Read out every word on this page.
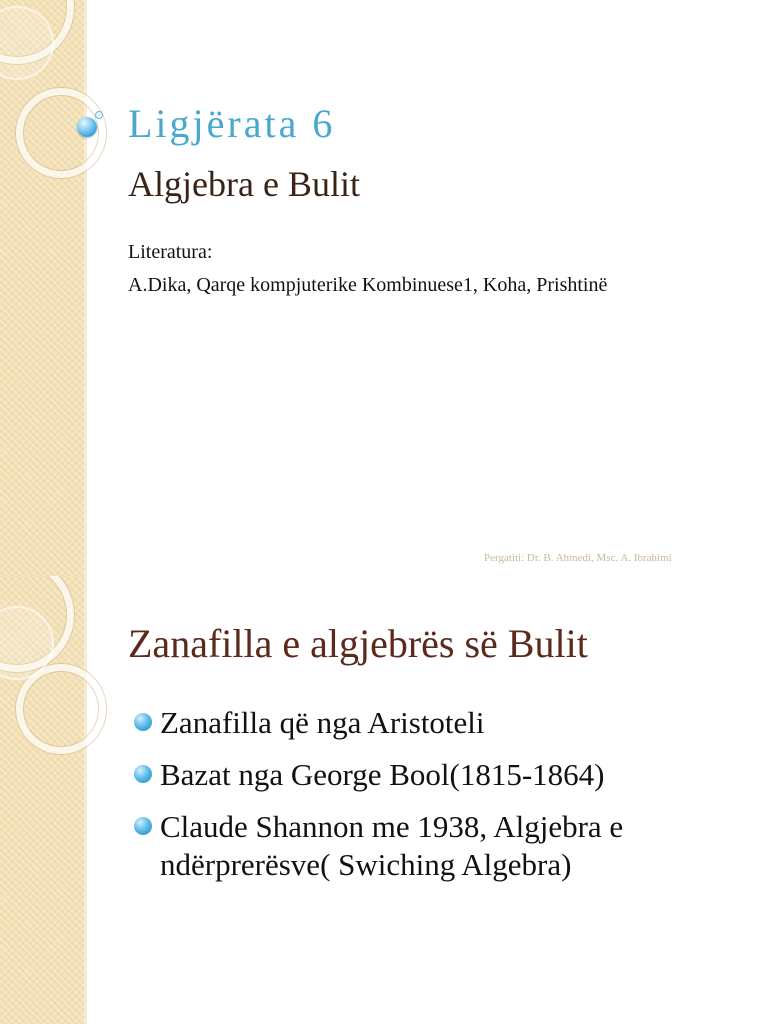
Ligjërata 6
Algjebra e Bulit
Literatura:
A.Dika, Qarqe kompjuterike Kombinuese1, Koha, Prishtinë
Pergatiti: Dr. B. Ahmedi, Msc. A. Ibrahimi
Zanafilla e algjebrës së Bulit
Zanafilla që nga Aristoteli
Bazat nga George Bool(1815-1864)
Claude Shannon me 1938, Algjebra e ndërprerësve( Swiching Algebra)
